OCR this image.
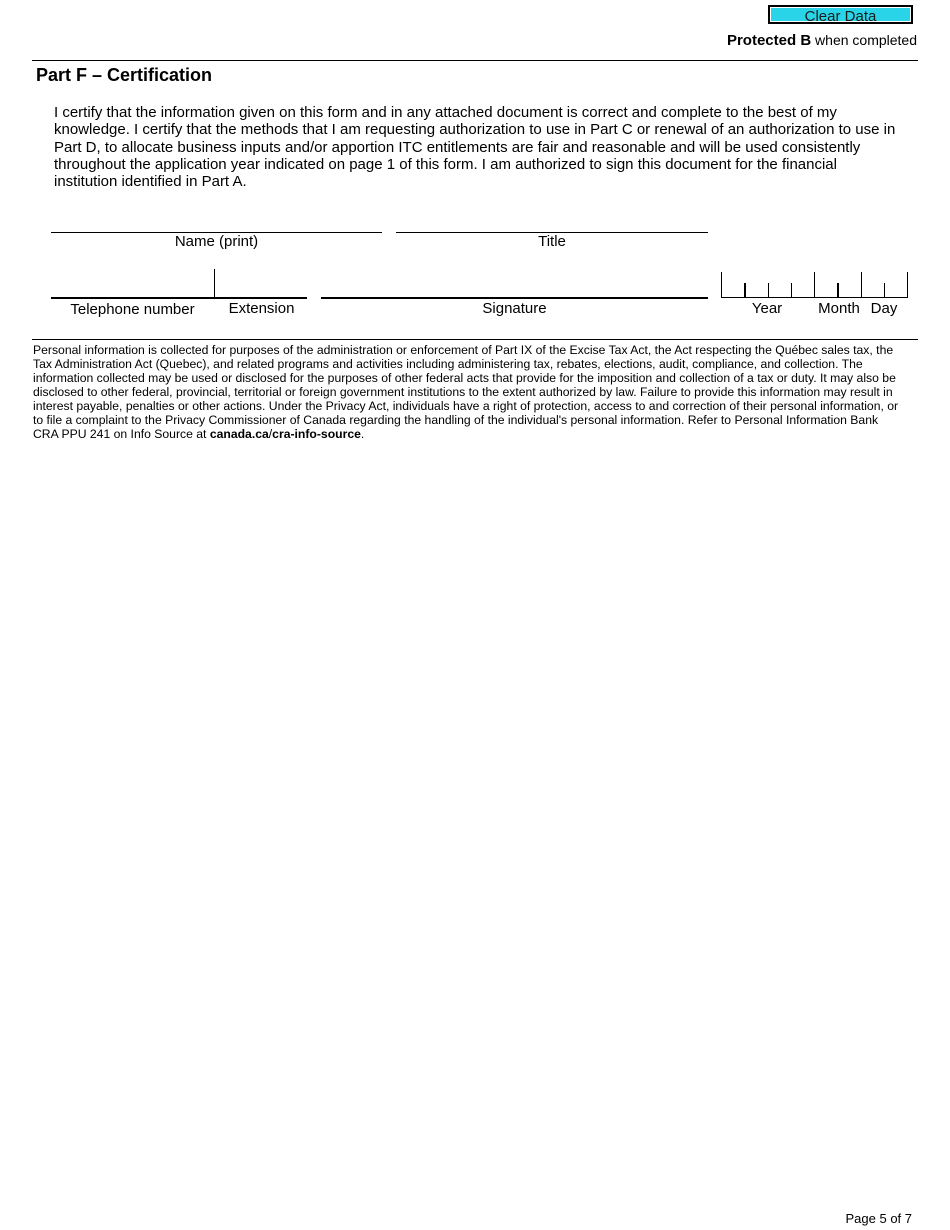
Clear Data
Protected B when completed
Part F – Certification
I certify that the information given on this form and in any attached document is correct and complete to the best of my knowledge. I certify that the methods that I am requesting authorization to use in Part C or renewal of an authorization to use in Part D, to allocate business inputs and/or apportion ITC entitlements are fair and reasonable and will be used consistently throughout the application year indicated on page 1 of this form. I am authorized to sign this document for the financial institution identified in Part A.
Name (print)	Title
Telephone number	Extension	Signature	Year	Month Day
Personal information is collected for purposes of the administration or enforcement of Part IX of the Excise Tax Act, the Act respecting the Québec sales tax, the Tax Administration Act (Quebec), and related programs and activities including administering tax, rebates, elections, audit, compliance, and collection. The information collected may be used or disclosed for the purposes of other federal acts that provide for the imposition and collection of a tax or duty. It may also be disclosed to other federal, provincial, territorial or foreign government institutions to the extent authorized by law. Failure to provide this information may result in interest payable, penalties or other actions. Under the Privacy Act, individuals have a right of protection, access to and correction of their personal information, or to file a complaint to the Privacy Commissioner of Canada regarding the handling of the individual's personal information. Refer to Personal Information Bank CRA PPU 241 on Info Source at canada.ca/cra-info-source.
Page 5 of 7
